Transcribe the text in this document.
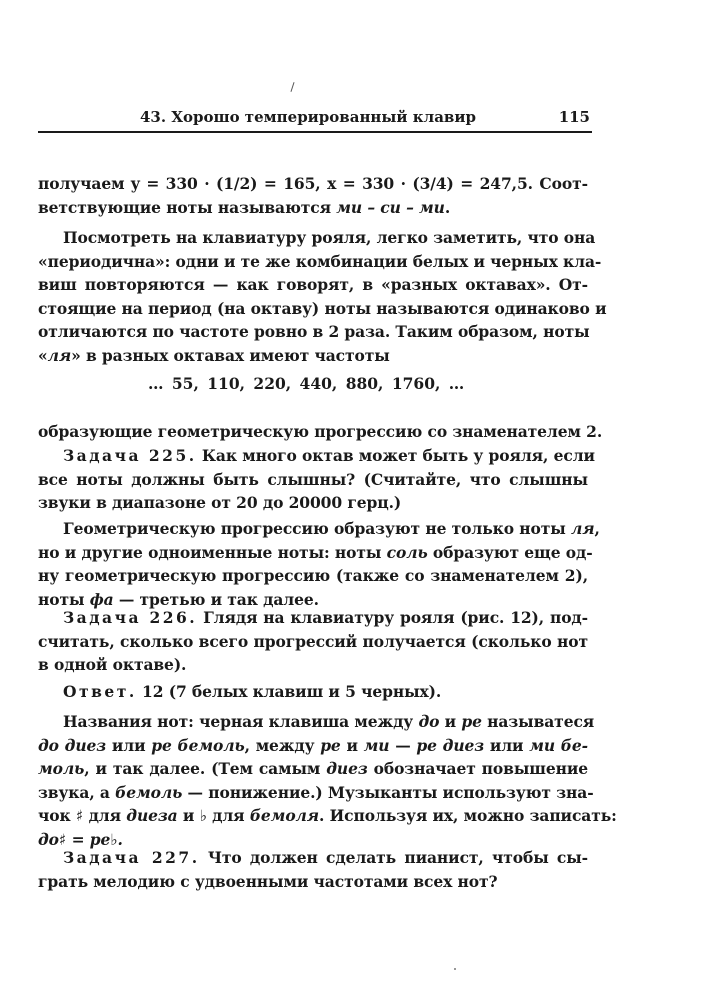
43. Хорошо темперированный клавир	115
получаем y = 330 · (1/2) = 165, x = 330 · (3/4) = 247,5. Соот-
ветствующие ноты называются ми – си – ми.
Посмотреть на клавиатуру рояля, легко заметить, что она
«периодична»: одни и те же комбинации белых и черных кла-
виш повторяются — как говорят, в «разных октавах». От-
стоящие на период (на октаву) ноты называются одинаково и
отличаются по частоте ровно в 2 раза. Таким образом, ноты
«ля» в разных октавах имеют частоты
… 55, 110, 220, 440, 880, 1760, …
образующие геометрическую прогрессию со знаменателем 2.
Задача 225. Как много октав может быть у рояля, если
все ноты должны быть слышны? (Считайте, что слышны
звуки в диапазоне от 20 до 20000 герц.)
Геометрическую прогрессию образуют не только ноты ля,
но и другие одноименные ноты: ноты соль образуют еще од-
ну геометрическую прогрессию (также со знаменателем 2),
ноты фа — третью и так далее.
Задача 226. Глядя на клавиатуру рояля (рис. 12), под-
считать, сколько всего прогрессий получается (сколько нот
в одной октаве).
Ответ. 12 (7 белых клавиш и 5 черных).
Названия нот: черная клавиша между до и ре называтеся
до диез или ре бемоль, между ре и ми — ре диез или ми бе-
моль, и так далее. (Тем самым диез обозначает повышение
звука, а бемоль — понижение.) Музыканты используют зна-
чок ♯ для диеза и ♭ для бемоля. Используя их, можно записать:
до♯ = ре♭.
Задача 227. Что должен сделать пианист, чтобы сы-
грать мелодию с удвоенными частотами всех нот?
